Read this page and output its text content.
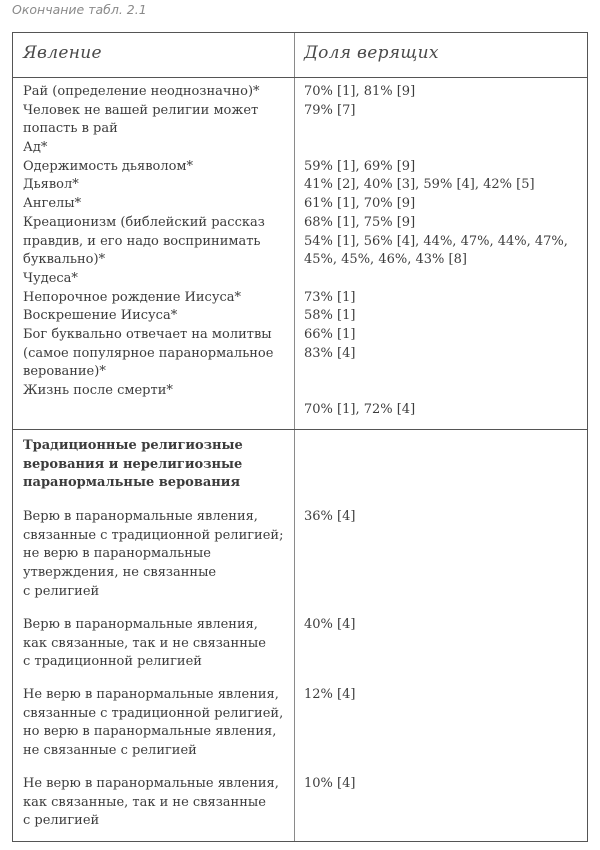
Окончание табл. 2.1
Явление	Доля верящих
Рай (определение неоднозначно)*
Человек не вашей религии может
попасть в рай
Ад*
Одержимость дьяволом*
Дьявол*
Ангелы*
Креационизм (библейский рассказ
правдив, и его надо воспринимать
буквально)*
Чудеса*
Непорочное рождение Иисуса*
Воскрешение Иисуса*
Бог буквально отвечает на молитвы
(самое популярное паранормальное
верование)*
Жизнь после смерти*
70% [1], 81% [9]
79% [7]
59% [1], 69% [9]
41% [2], 40% [3], 59% [4], 42% [5]
61% [1], 70% [9]
68% [1], 75% [9]
54% [1], 56% [4], 44%, 47%, 44%, 47%,
45%, 45%, 46%, 43% [8]
73% [1]
58% [1]
66% [1]
83% [4]
70% [1], 72% [4]
Традиционные религиозные
верования и нерелигиозные
паранормальные верования
Верю в паранормальные явления,
связанные с традиционной религией;
не верю в паранормальные
утверждения, не связанные
с религией
36% [4]
Верю в паранормальные явления,
как связанные, так и не связанные
с традиционной религией
40% [4]
Не верю в паранормальные явления,
связанные с традиционной религией,
но верю в паранормальные явления,
не связанные с религией
12% [4]
Не верю в паранормальные явления,
как связанные, так и не связанные
с религией
10% [4]
